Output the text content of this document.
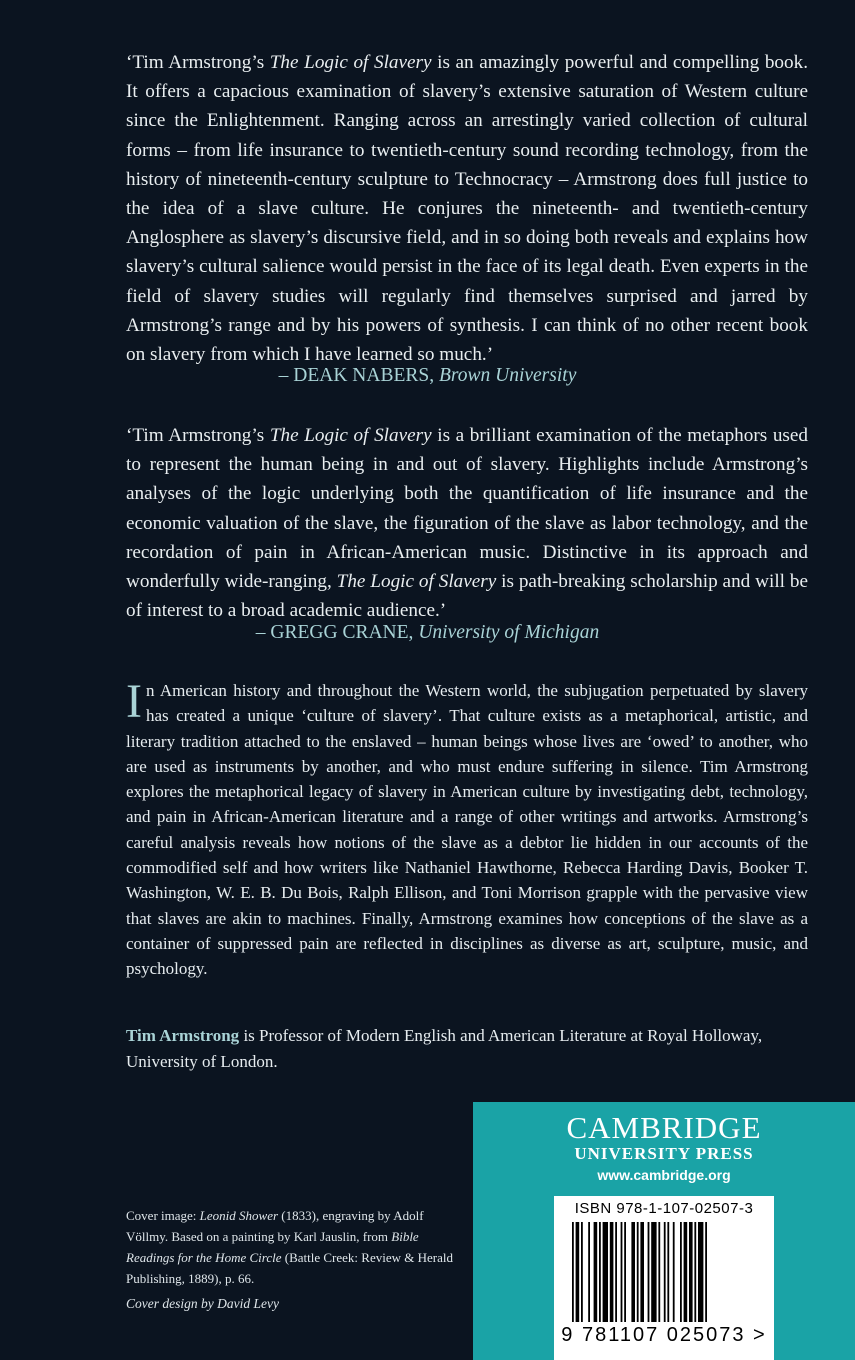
‘Tim Armstrong’s The Logic of Slavery is an amazingly powerful and compelling book. It offers a capacious examination of slavery’s extensive saturation of Western culture since the Enlightenment. Ranging across an arrestingly varied collection of cultural forms – from life insurance to twentieth-century sound recording technology, from the history of nineteenth-century sculpture to Technocracy – Armstrong does full justice to the idea of a slave culture. He conjures the nineteenth- and twentieth-century Anglosphere as slavery’s discursive field, and in so doing both reveals and explains how slavery’s cultural salience would persist in the face of its legal death. Even experts in the field of slavery studies will regularly find themselves surprised and jarred by Armstrong’s range and by his powers of synthesis. I can think of no other recent book on slavery from which I have learned so much.’
– DEAK NABERS, Brown University
‘Tim Armstrong’s The Logic of Slavery is a brilliant examination of the metaphors used to represent the human being in and out of slavery. Highlights include Armstrong’s analyses of the logic underlying both the quantification of life insurance and the economic valuation of the slave, the figuration of the slave as labor technology, and the recordation of pain in African-American music. Distinctive in its approach and wonderfully wide-ranging, The Logic of Slavery is path-breaking scholarship and will be of interest to a broad academic audience.’
– GREGG CRANE, University of Michigan
In American history and throughout the Western world, the subjugation perpetuated by slavery has created a unique ‘culture of slavery’. That culture exists as a metaphorical, artistic, and literary tradition attached to the enslaved – human beings whose lives are ‘owed’ to another, who are used as instruments by another, and who must endure suffering in silence. Tim Armstrong explores the metaphorical legacy of slavery in American culture by investigating debt, technology, and pain in African-American literature and a range of other writings and artworks. Armstrong’s careful analysis reveals how notions of the slave as a debtor lie hidden in our accounts of the commodified self and how writers like Nathaniel Hawthorne, Rebecca Harding Davis, Booker T. Washington, W. E. B. Du Bois, Ralph Ellison, and Toni Morrison grapple with the pervasive view that slaves are akin to machines. Finally, Armstrong examines how conceptions of the slave as a container of suppressed pain are reflected in disciplines as diverse as art, sculpture, music, and psychology.
Tim Armstrong is Professor of Modern English and American Literature at Royal Holloway, University of London.
Cover image: Leonid Shower (1833), engraving by Adolf Völlmy. Based on a painting by Karl Jauslin, from Bible Readings for the Home Circle (Battle Creek: Review & Herald Publishing, 1889), p. 66.
Cover design by David Levy
CAMBRIDGE
UNIVERSITY PRESS
www.cambridge.org
ISBN 978-1-107-02507-3
9 781107 025073 >
